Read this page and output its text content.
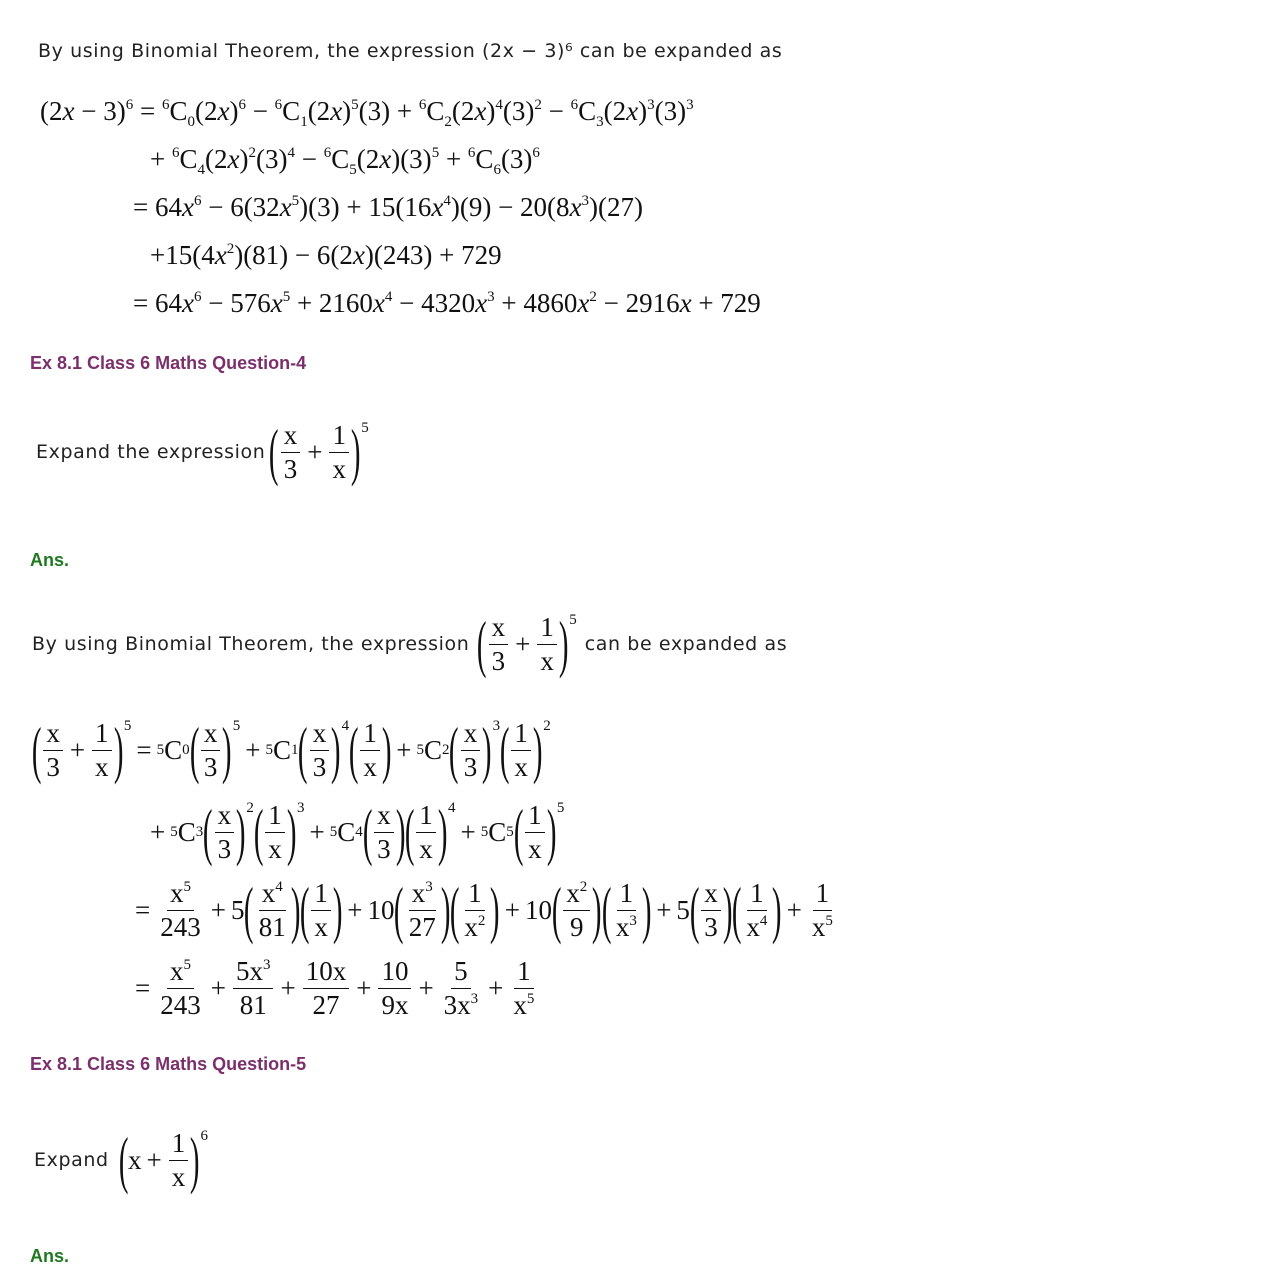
By using Binomial Theorem, the expression (2x − 3)⁶ can be expanded as
$(2x - 3)^6 = ^6C_0(2x)^6 - ^6C_1(2x)^5(3) + ^6C_2(2x)^4(3)^2 - ^6C_3(2x)^3(3)^3$
+ $^6C_4(2x)^2(3)^4 - ^6C_5(2x)(3)^5 + ^6C_6(3)^6$
= $64x^6 - 6(32x^5)(3) + 15(16x^4)(9) - 20(8x^3)(27)$
$+15(4x^2)(81) - 6(2x)(243) + 729$
= $64x^6 - 576x^5 + 2160x^4 - 4320x^3 + 4860x^2 - 2916x + 729$
Ex 8.1 Class 6 Maths Question-4
Expand the expression ( $\frac{x}{3} + \frac{1}{x}$ ) 5
Ans.
By using Binomial Theorem, the expression ( $\frac{x}{3} + \frac{1}{x}$ ) 5
can be expanded as
( $\frac{x}{3} + \frac{1}{x}$ ) 5
= 5 C 0 ( $\frac{x}{3}$ ) 5
+ 5 C 1 ( $\frac{x}{3}$ ) 4 ( $\frac{1}{x}$ ) + 5 C 2 ( $\frac{x}{3}$ ) 3 ( $\frac{1}{x}$ ) 2
+ 5 C 3 ( $\frac{x}{3}$ ) 2 ( $\frac{1}{x}$ ) 3
+ 5 C 4 ( $\frac{x}{3}$ ) ( $\frac{1}{x}$ ) 4
+ 5 C 5 ( $\frac{1}{x}$ ) 5
= $\frac{x^5}{243} + 5$ ( $\frac{x^4}{81}$ ) ( $\frac{1}{x}$ ) + 10 ( $\frac{x^3}{27}$ ) ( $\frac{1}{x^2}$ ) + 10 ( $\frac{x^2}{9}$ ) ( $\frac{1}{x^3}$ ) + 5 ( $\frac{x}{3}$ ) ( $\frac{1}{x^4}$ ) + $\frac{1}{x^5}$
= $\frac{x^5}{243} + \frac{5x^3}{81} + \frac{10x}{27} + \frac{10}{9x} + \frac{5}{3x^3} + \frac{1}{x^5}$
Ex 8.1 Class 6 Maths Question-5
Expand ( $x + \frac{1}{x}$ ) 6
Ans.
